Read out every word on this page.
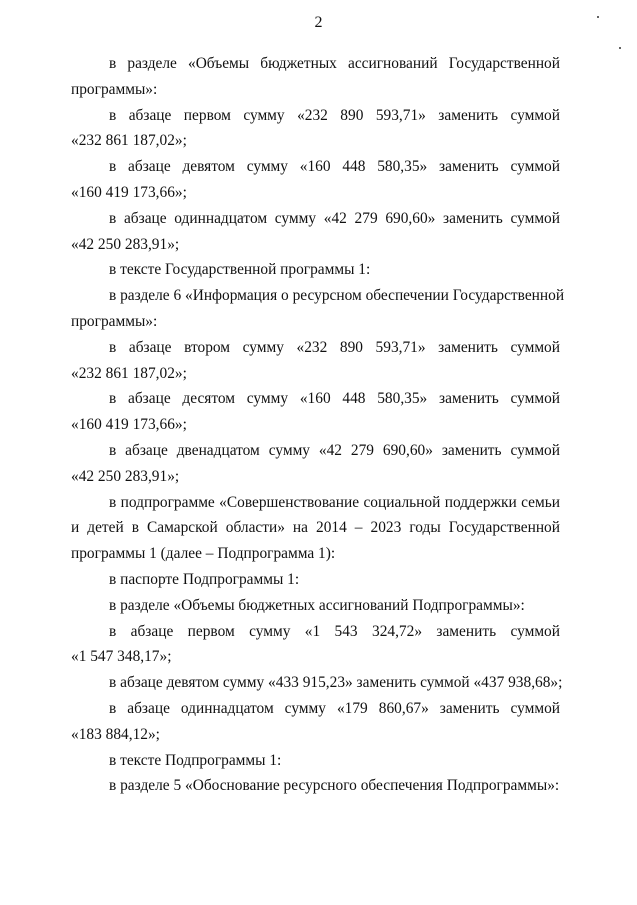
2
в разделе «Объемы бюджетных ассигнований Государственной
программы»:
в абзаце первом сумму «232 890 593,71» заменить суммой
«232 861 187,02»;
в абзаце девятом сумму «160 448 580,35» заменить суммой
«160 419 173,66»;
в абзаце одиннадцатом сумму «42 279 690,60» заменить суммой
«42 250 283,91»;
в тексте Государственной программы 1:
в разделе 6 «Информация о ресурсном обеспечении Государственной
программы»:
в абзаце втором сумму «232 890 593,71» заменить суммой
«232 861 187,02»;
в абзаце десятом сумму «160 448 580,35» заменить суммой
«160 419 173,66»;
в абзаце двенадцатом сумму «42 279 690,60» заменить суммой
«42 250 283,91»;
в подпрограмме «Совершенствование социальной поддержки семьи
и детей в Самарской области» на 2014 – 2023 годы Государственной
программы 1 (далее – Подпрограмма 1):
в паспорте Подпрограммы 1:
в разделе «Объемы бюджетных ассигнований Подпрограммы»:
в абзаце первом сумму «1 543 324,72» заменить суммой
«1 547 348,17»;
в абзаце девятом сумму «433 915,23» заменить суммой «437 938,68»;
в абзаце одиннадцатом сумму «179 860,67» заменить суммой
«183 884,12»;
в тексте Подпрограммы 1:
в разделе 5 «Обоснование ресурсного обеспечения Подпрограммы»:
